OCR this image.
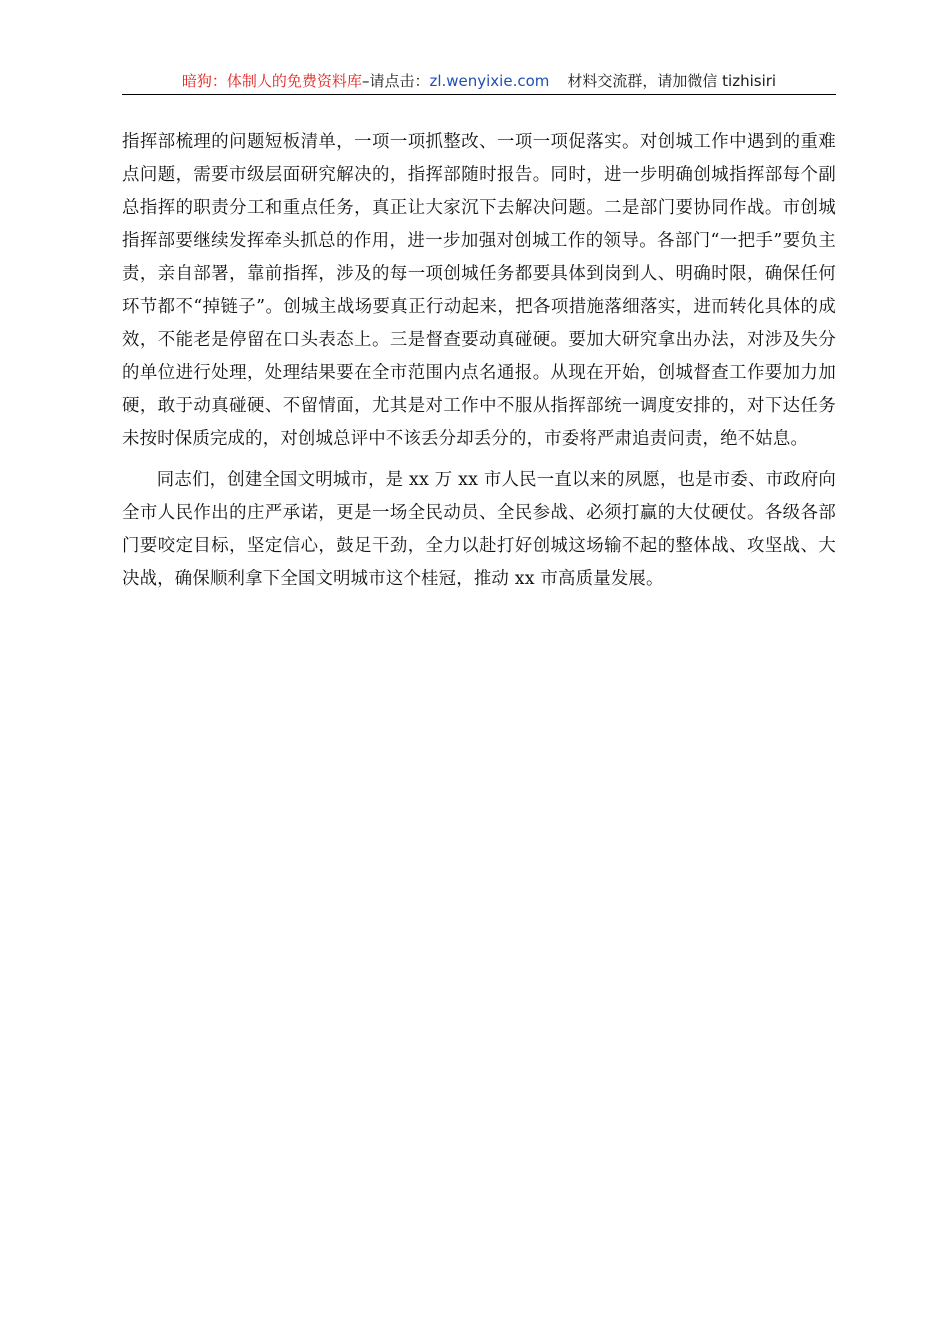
暗狗：体制人的免费资料库–请点击：zl.wenyixie.com 材料交流群，请加微信 tizhisiri

指挥部梳理的问题短板清单，一项一项抓整改、一项一项促落实。对创城工作中遇到的重难点问题，需要市级层面研究解决的，指挥部随时报告。同时，进一步明确创城指挥部每个副总指挥的职责分工和重点任务，真正让大家沉下去解决问题。二是部门要协同作战。市创城指挥部要继续发挥牵头抓总的作用，进一步加强对创城工作的领导。各部门“一把手”要负主责，亲自部署，靠前指挥，涉及的每一项创城任务都要具体到岗到人、明确时限，确保任何环节都不“掉链子”。创城主战场要真正行动起来，把各项措施落细落实，进而转化具体的成效，不能老是停留在口头表态上。三是督查要动真碰硬。要加大研究拿出办法，对涉及失分的单位进行处理，处理结果要在全市范围内点名通报。从现在开始，创城督查工作要加力加硬，敢于动真碰硬、不留情面，尤其是对工作中不服从指挥部统一调度安排的，对下达任务未按时保质完成的，对创城总评中不该丢分却丢分的，市委将严肃追责问责，绝不姑息。

同志们，创建全国文明城市，是 xx 万 xx 市人民一直以来的夙愿，也是市委、市政府向全市人民作出的庄严承诺，更是一场全民动员、全民参战、必须打赢的大仗硬仗。各级各部门要咬定目标，坚定信心，鼓足干劲，全力以赴打好创城这场输不起的整体战、攻坚战、大决战，确保顺利拿下全国文明城市这个桂冠，推动 xx 市高质量发展。
